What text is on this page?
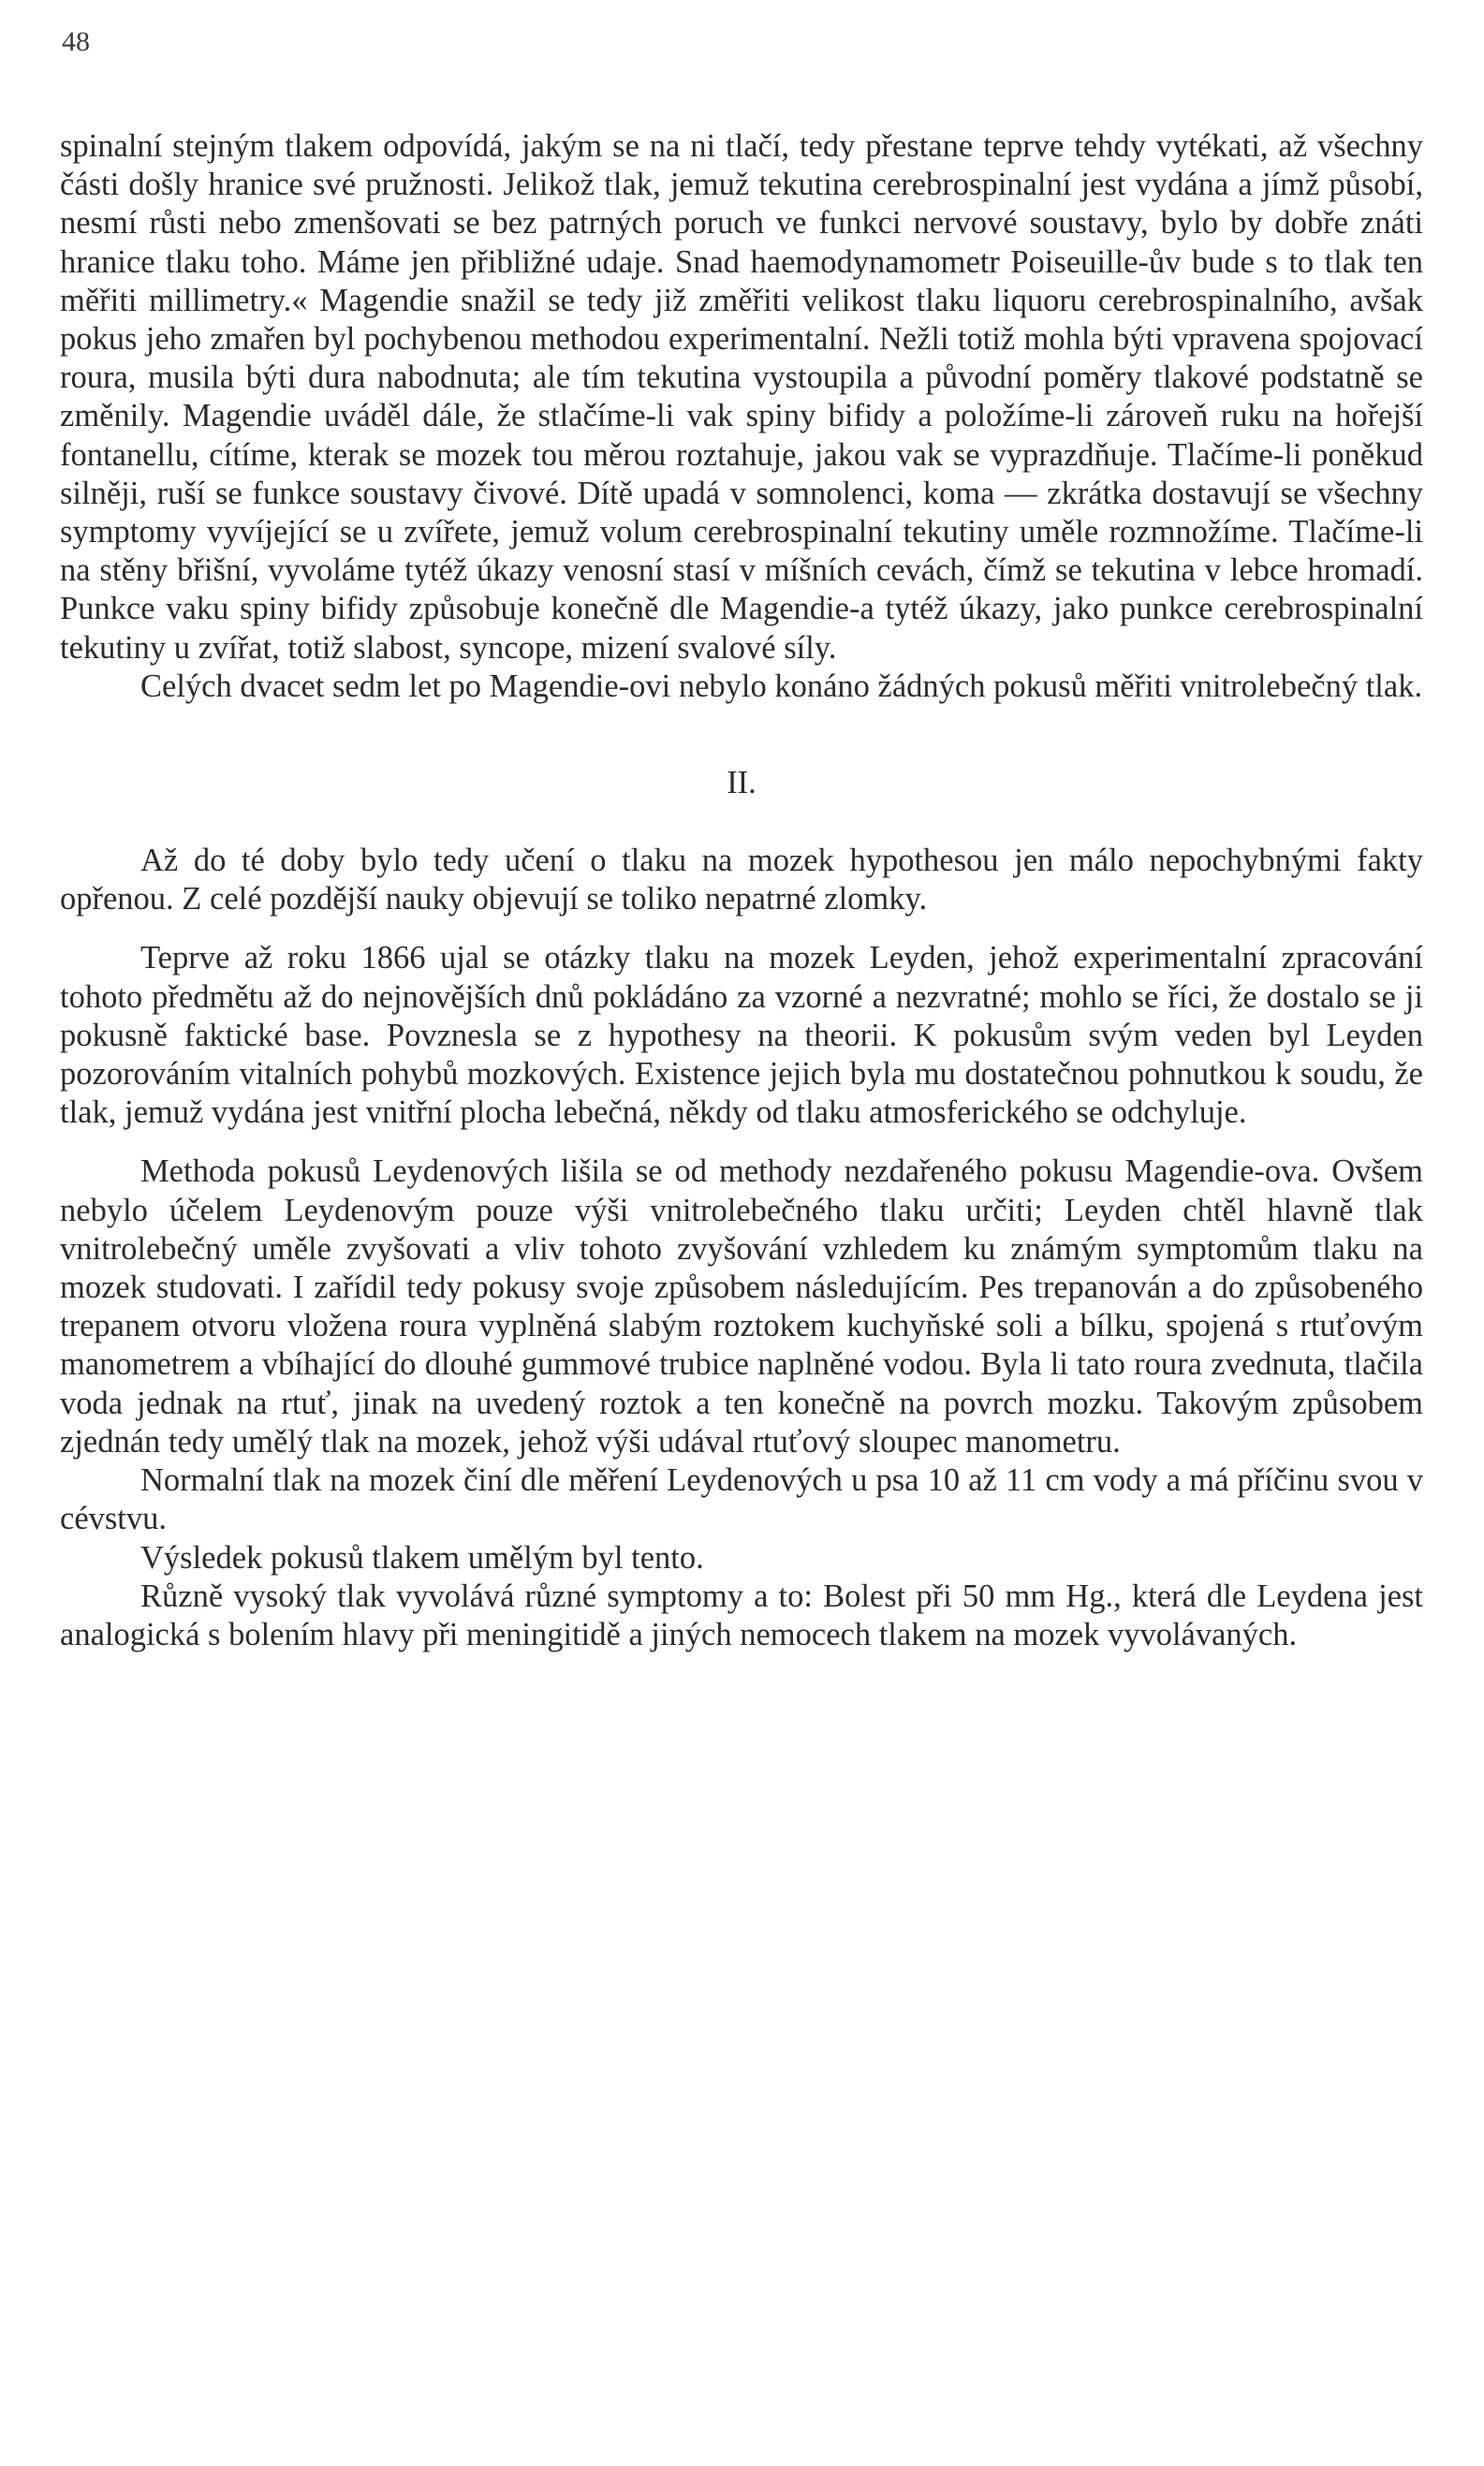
48

spinalní stejným tlakem odpovídá, jakým se na ni tlačí, tedy přestane teprve tehdy vytékati, až všechny části došly hranice své pružnosti. Jelikož tlak, jemuž tekutina cerebrospinalní jest vydána a jímž působí, nesmí růsti nebo zmenšovati se bez patrných poruch ve funkci nervové soustavy, bylo by dobře znáti hranice tlaku toho. Máme jen přibližné udaje. Snad haemodynamometr Poiseuille-ův bude s to tlak ten měřiti millimetry.« Magendie snažil se tedy již změřiti velikost tlaku liquoru cerebrospinalního, avšak pokus jeho zmařen byl pochybenou methodou experimentalní. Nežli totiž mohla býti vpravena spojovací roura, musila býti dura nabodnuta; ale tím tekutina vystoupila a původní poměry tlakové podstatně se změnily. Magendie uváděl dále, že stlačíme-li vak spiny bifidy a položíme-li zároveň ruku na hořejší fontanellu, cítíme, kterak se mozek tou měrou roztahuje, jakou vak se vyprazdňuje. Tlačíme-li poněkud silněji, ruší se funkce soustavy čivové. Dítě upadá v somnolenci, koma — zkrátka dostavují se všechny symptomy vyvíjející se u zvířete, jemuž volum cerebrospinalní tekutiny uměle rozmnožíme. Tlačíme-li na stěny břišní, vyvoláme tytéž úkazy venosní stasí v míšních cevách, čímž se tekutina v lebce hromadí. Punkce vaku spiny bifidy způsobuje konečně dle Magendie-a tytéž úkazy, jako punkce cerebrospinalní tekutiny u zvířat, totiž slabost, syncope, mizení svalové síly.

Celých dvacet sedm let po Magendie-ovi nebylo konáno žádných pokusů měřiti vnitrolebečný tlak.

II.

Až do té doby bylo tedy učení o tlaku na mozek hypothesou jen málo nepochybnými fakty opřenou. Z celé pozdější nauky objevují se toliko nepatrné zlomky.

Teprve až roku 1866 ujal se otázky tlaku na mozek Leyden, jehož experimentalní zpracování tohoto předmětu až do nejnovějších dnů pokládáno za vzorné a nezvratné; mohlo se říci, že dostalo se ji pokusně faktické base. Povznesla se z hypothesy na theorii. K pokusům svým veden byl Leyden pozorováním vitalních pohybů mozkových. Existence jejich byla mu dostatečnou pohnutkou k soudu, že tlak, jemuž vydána jest vnitřní plocha lebečná, někdy od tlaku atmosferického se odchyluje.

Methoda pokusů Leydenových lišila se od methody nezdařeného pokusu Magendie-ova. Ovšem nebylo účelem Leydenovým pouze výši vnitrolebečného tlaku určiti; Leyden chtěl hlavně tlak vnitrolebečný uměle zvyšovati a vliv tohoto zvyšování vzhledem ku známým symptomům tlaku na mozek studovati. I zařídil tedy pokusy svoje způsobem následujícím. Pes trepanován a do způsobeného trepanem otvoru vložena roura vyplněná slabým roztokem kuchyňské soli a bílku, spojená s rtuťovým manometrem a vbíhající do dlouhé gummové trubice naplněné vodou. Byla li tato roura zvednuta, tlačila voda jednak na rtuť, jinak na uvedený roztok a ten konečně na povrch mozku. Takovým způsobem zjednán tedy umělý tlak na mozek, jehož výši udával rtuťový sloupec manometru.

Normalní tlak na mozek činí dle měření Leydenových u psa 10 až 11 cm vody a má příčinu svou v cévstvu.

Výsledek pokusů tlakem umělým byl tento.

Různě vysoký tlak vyvolává různé symptomy a to: Bolest při 50 mm Hg., která dle Leydena jest analogická s bolením hlavy při meningitidě a jiných nemocech tlakem na mozek vyvolávaných.
